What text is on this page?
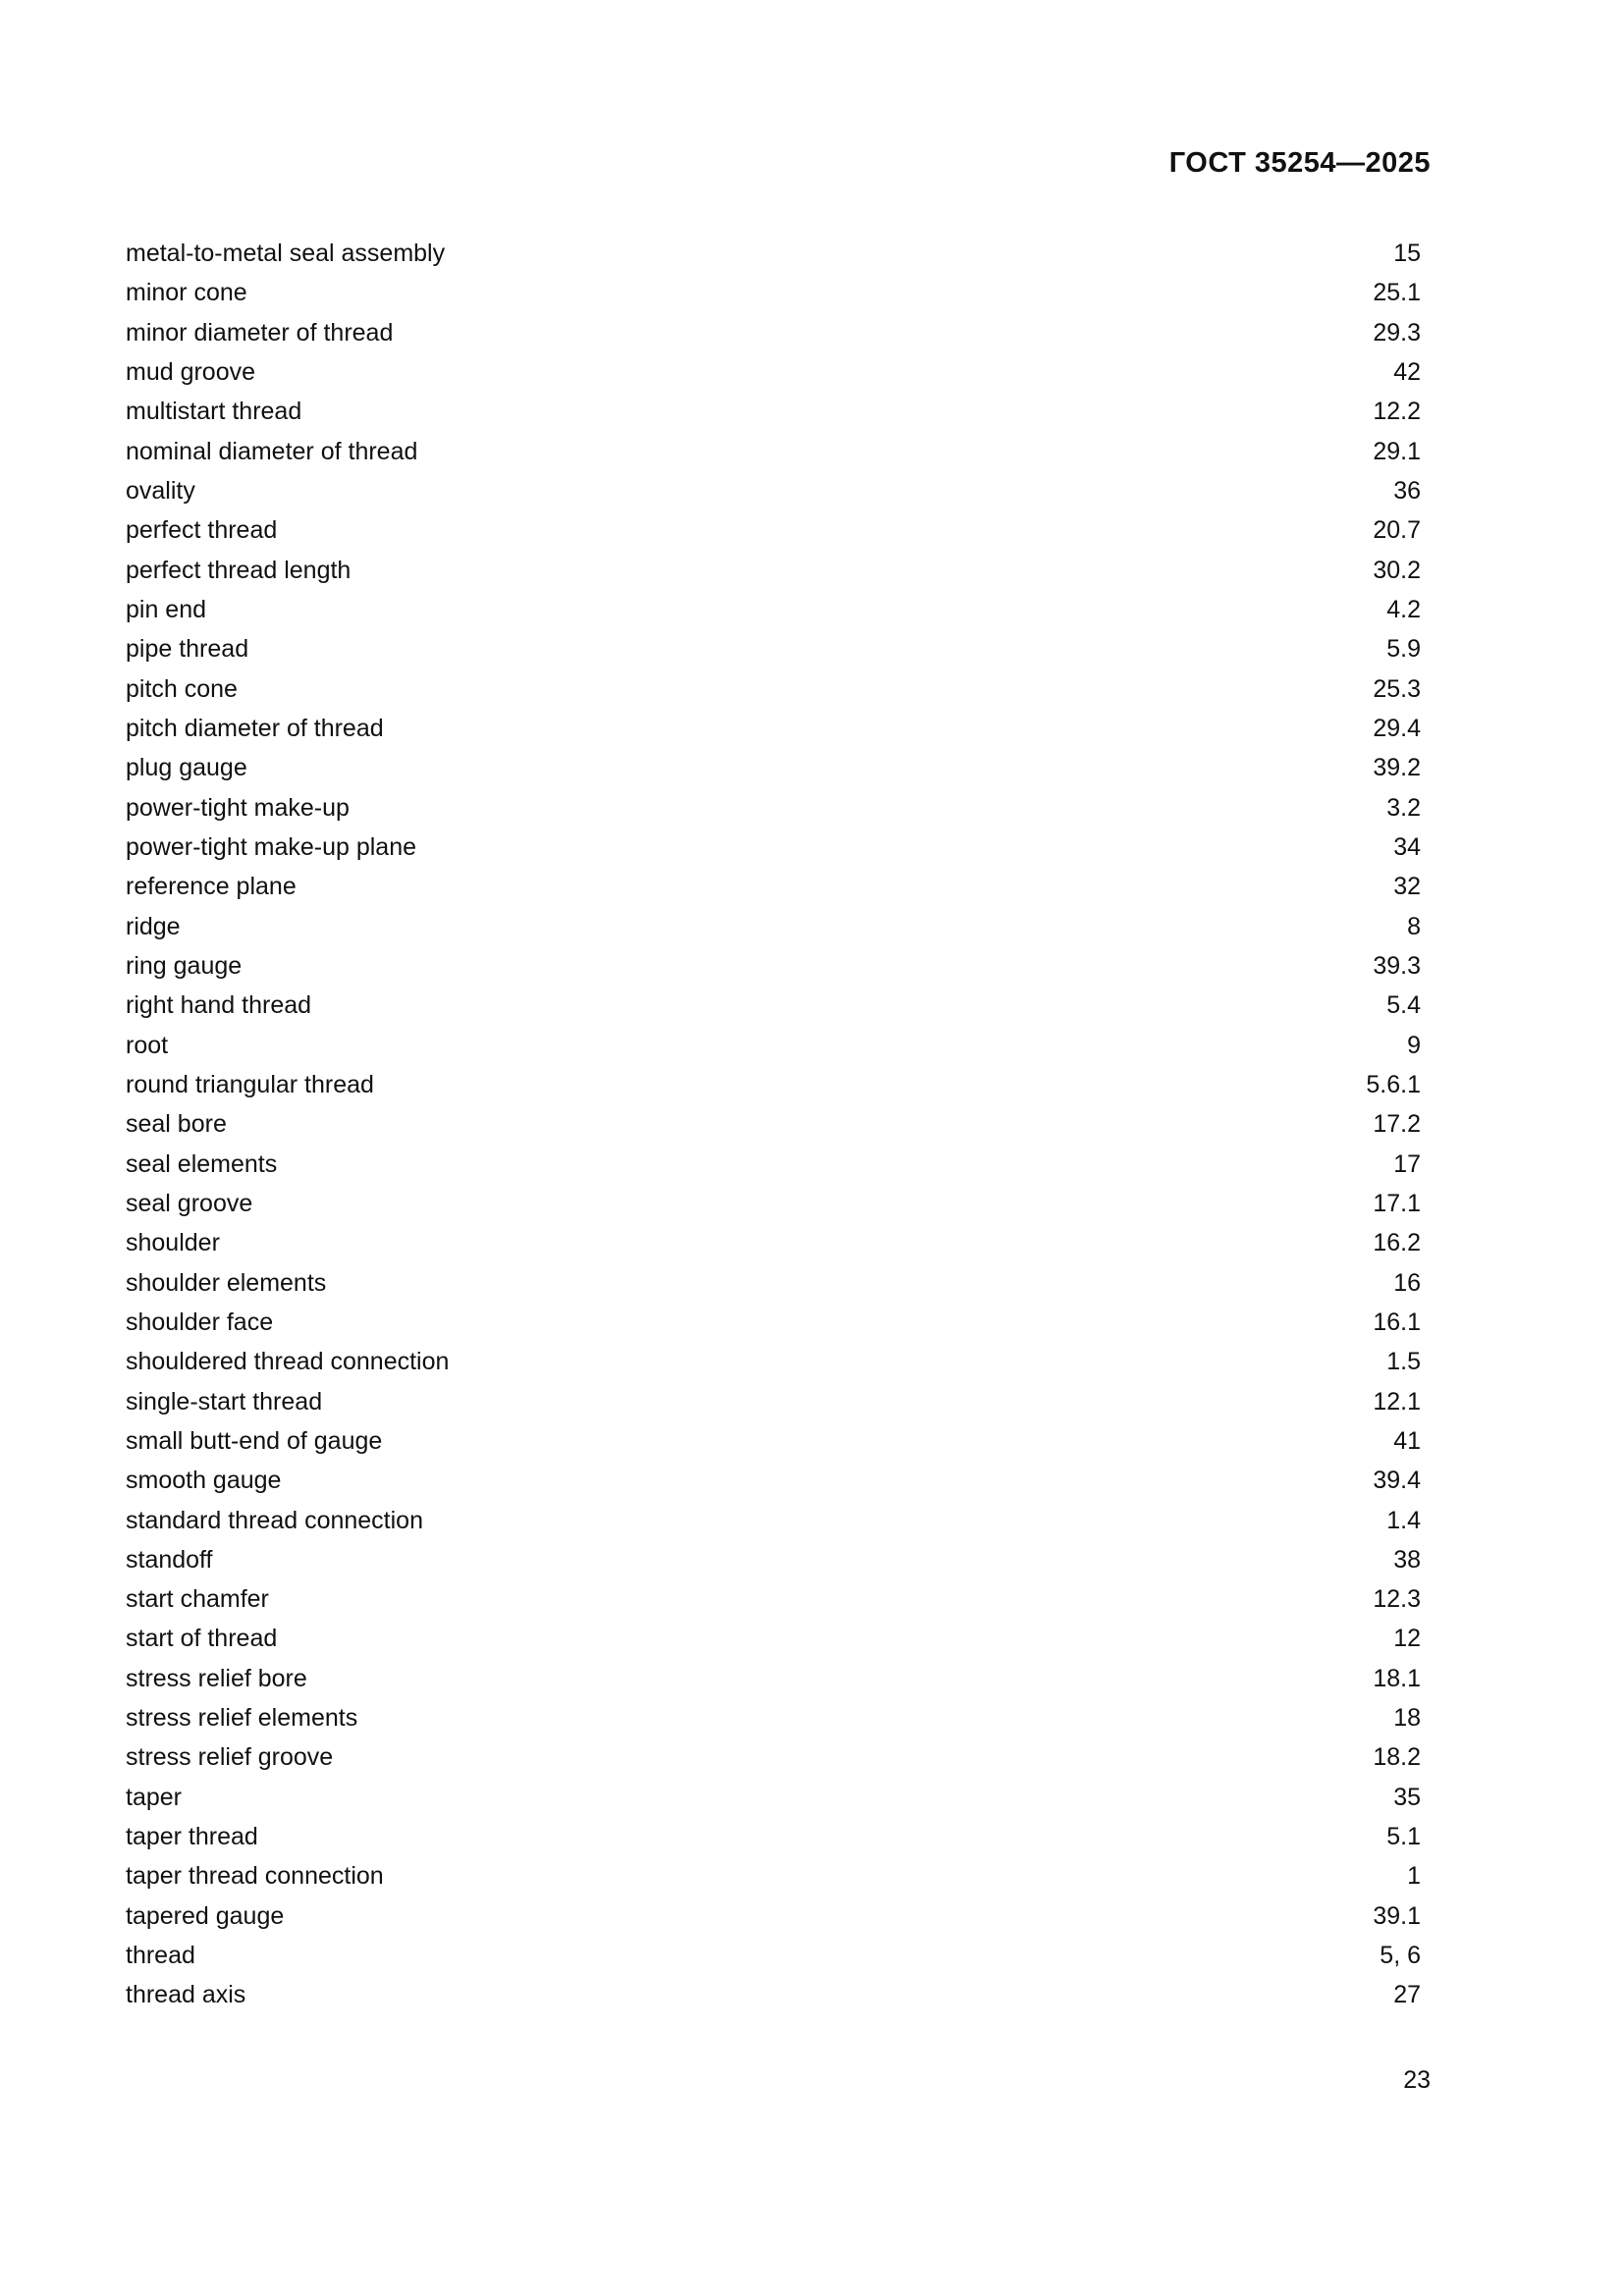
ГОСТ 35254—2025
metal-to-metal seal assembly	15
minor cone	25.1
minor diameter of thread	29.3
mud groove	42
multistart thread	12.2
nominal diameter of thread	29.1
ovality	36
perfect thread	20.7
perfect thread length	30.2
pin end	4.2
pipe thread	5.9
pitch cone	25.3
pitch diameter of thread	29.4
plug gauge	39.2
power-tight make-up	3.2
power-tight make-up plane	34
reference plane	32
ridge	8
ring gauge	39.3
right hand thread	5.4
root	9
round triangular thread	5.6.1
seal bore	17.2
seal elements	17
seal groove	17.1
shoulder	16.2
shoulder elements	16
shoulder face	16.1
shouldered thread connection	1.5
single-start thread	12.1
small butt-end of gauge	41
smooth gauge	39.4
standard thread connection	1.4
standoff	38
start chamfer	12.3
start of thread	12
stress relief bore	18.1
stress relief elements	18
stress relief groove	18.2
taper	35
taper thread	5.1
taper thread connection	1
tapered gauge	39.1
thread	5, 6
thread axis	27
23
